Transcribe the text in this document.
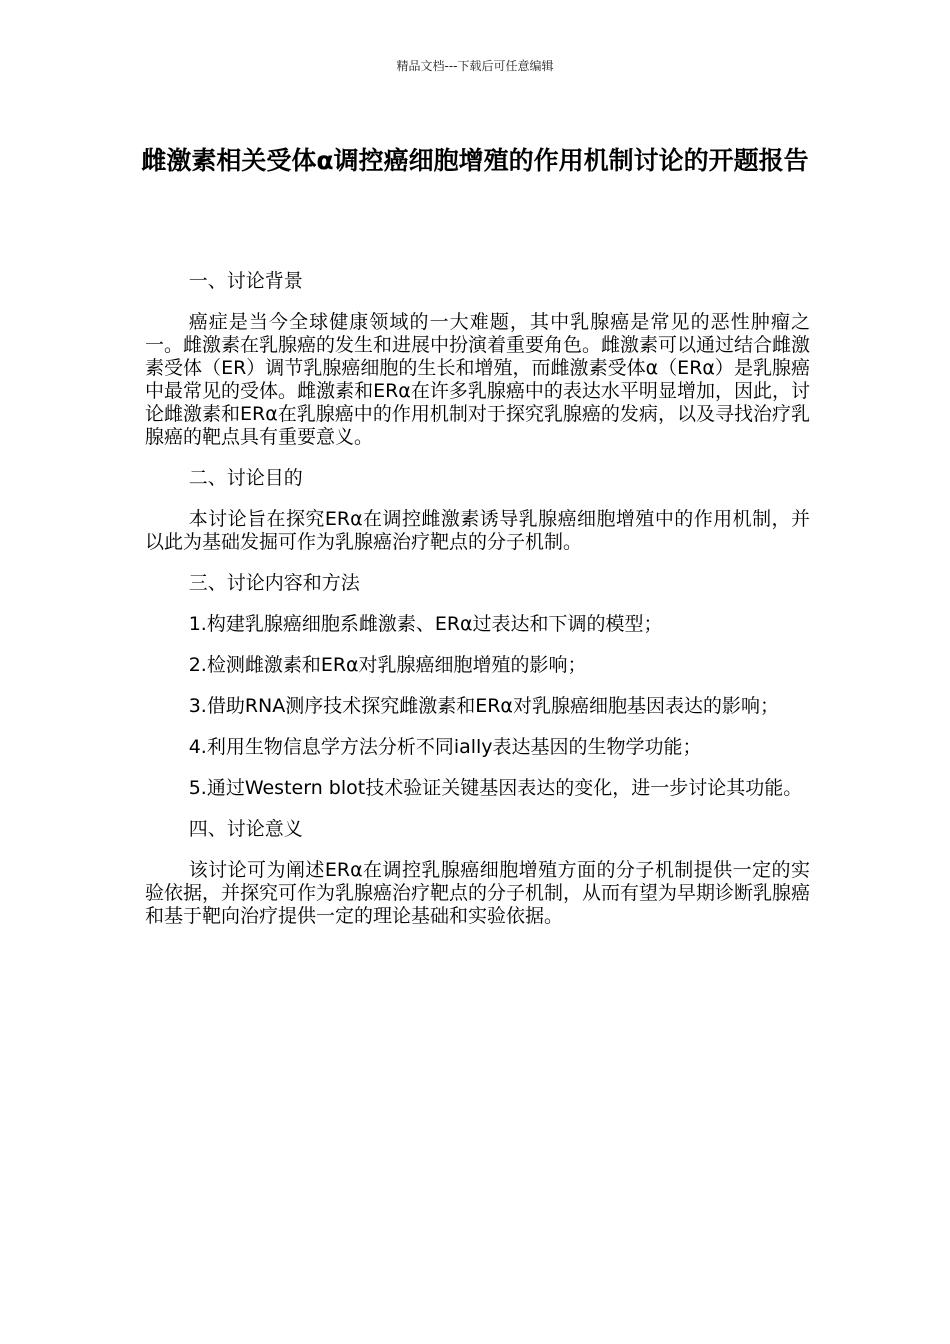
精品文档---下载后可任意编辑
雌激素相关受体α调控癌细胞增殖的作用机制讨论的开题报告

一、讨论背景

癌症是当今全球健康领域的一大难题，其中乳腺癌是常见的恶性肿瘤之一。雌激素在乳腺癌的发生和进展中扮演着重要角色。雌激素可以通过结合雌激素受体（ER）调节乳腺癌细胞的生长和增殖，而雌激素受体α（ERα）是乳腺癌中最常见的受体。雌激素和ERα在许多乳腺癌中的表达水平明显增加，因此，讨论雌激素和ERα在乳腺癌中的作用机制对于探究乳腺癌的发病，以及寻找治疗乳腺癌的靶点具有重要意义。

二、讨论目的

本讨论旨在探究ERα在调控雌激素诱导乳腺癌细胞增殖中的作用机制，并以此为基础发掘可作为乳腺癌治疗靶点的分子机制。

三、讨论内容和方法

1.构建乳腺癌细胞系雌激素、ERα过表达和下调的模型；

2.检测雌激素和ERα对乳腺癌细胞增殖的影响；

3.借助RNA测序技术探究雌激素和ERα对乳腺癌细胞基因表达的影响；

4.利用生物信息学方法分析不同ially表达基因的生物学功能；

5.通过Western blot技术验证关键基因表达的变化，进一步讨论其功能。

四、讨论意义

该讨论可为阐述ERα在调控乳腺癌细胞增殖方面的分子机制提供一定的实验依据，并探究可作为乳腺癌治疗靶点的分子机制，从而有望为早期诊断乳腺癌和基于靶向治疗提供一定的理论基础和实验依据。
